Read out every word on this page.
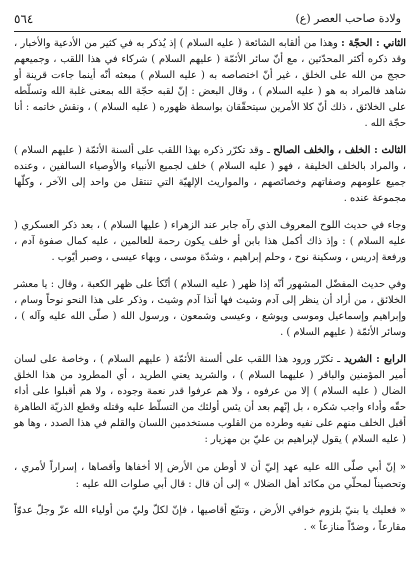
ولادة صاحب العصر (ع)
٥٦٤

الثاني : الحجّة : وهذا من ألقابه الشائعة ( عليه السلام ) إذ يُذكر به في كثير من الأدعية والأخبار ، وقد ذكره أكثر المحدّثين ، مع أنّ سائر الأئمّة ( عليهم السلام ) شركاء في هذا اللقب ، وجميعهم حجج من الله على الخلق ، غير أنّ اختصاصه به ( عليه السلام ) مبعثه أنّه أينما جاءت قرينة أو شاهد فالمراد به هو ( عليه السلام ) ، وقال البعض : إنّ لقبه حجّة الله بمعنى غلبة الله وتسلّطه على الخلائق ، ذلك أنّ كلا الأمرين سيتحقّقان بواسطة ظهوره ( عليه السلام ) ، ونقش خاتمه : أنا حجّة الله .

الثالث : الخلف ، والخلف الصالح ـ وقد تكرّر ذكره بهذا اللقب على ألسنة الأئمّة ( عليهم السلام ) ، والمراد بالخلف الخليفة ، فهو ( عليه السلام ) خلف لجميع الأنبياء والأوصياء السالفين ، وعنده جميع علومهم وصفاتهم وخصائصهم ، والمواريث الإلهيّة التي تنتقل من واحد إلى الآخر ، وكلّها مجموعة عنده .

وجاء في حديث اللوح المعروف الذي رآه جابر عند الزهراء ( عليها السلام ) ، بعد ذكر العسكري ( عليه السلام ) : وإذ ذاك أكمل هذا بابن أو خلف يكون رحمة للعالمين ، عليه كمال صفوة آدم ، ورفعة إدريس ، وسكينة نوح ، وحلم إبراهيم ، وشدّة موسى ، وبهاء عيسى ، وصبر أيّوب .

وفي حديث المفضّل المشهور أنّه إذا ظهر ( عليه السلام ) أتّكأ على ظهر الكعبة ، وقال : يا معشر الخلائق ، من أراد أن ينظر إلى آدم وشيث فها أنذا آدم وشيث ، وذكر على هذا النحو نوحاً وسام ، وإبراهيم وإسماعيل وموسى ويوشع ، وعيسى وشمعون ، ورسول الله ( صلّى الله عليه وآله ) ، وسائر الأئمّة ( عليهم السلام ) .

الرابع : الشريد ـ تكرّر ورود هذا اللقب على ألسنة الأئمّة ( عليهم السلام ) ، وخاصة على لسان أمير المؤمنين والباقر ( عليهما السلام ) ، والشريد يعني الطريد ، أي المطرود من هذا الخلق الضال ( عليه السلام ) إلا من عرفوه ، ولا هم عرفوا قدر نعمة وجوده ، ولا هم أقبلوا على أداء حقّه وأداء واجب شكره ، بل إنّهم بعد أن يئس أولئك من التسلّط عليه وقتله وقطع الذريّة الطاهرة أقبل الخلف منهم على نفيه وطرده من القلوب مستخدمين اللسان والقلم في هذا الصدد ، وها هو ( عليه السلام ) يقول لإبراهيم بن عليّ بن مهزيار :

« إنّ أبي صلّى الله عليه عهد إليّ أن لا أوطن من الأرض إلا أخفاها وأقصاها ، إسراراً لأمري ، وتحصيناً لمحلّي من مكائد أهل الضلال » إلى أن قال : قال أبي صلوات الله عليه :

« فعليك يا بنيّ بلزوم خوافي الأرض ، وتتبّع أقاصيها ، فإنّ لكلّ وليّ من أولياء الله عزّ وجلّ عدوّاً مقارعاً ، وضدّاً منازعاً » .
